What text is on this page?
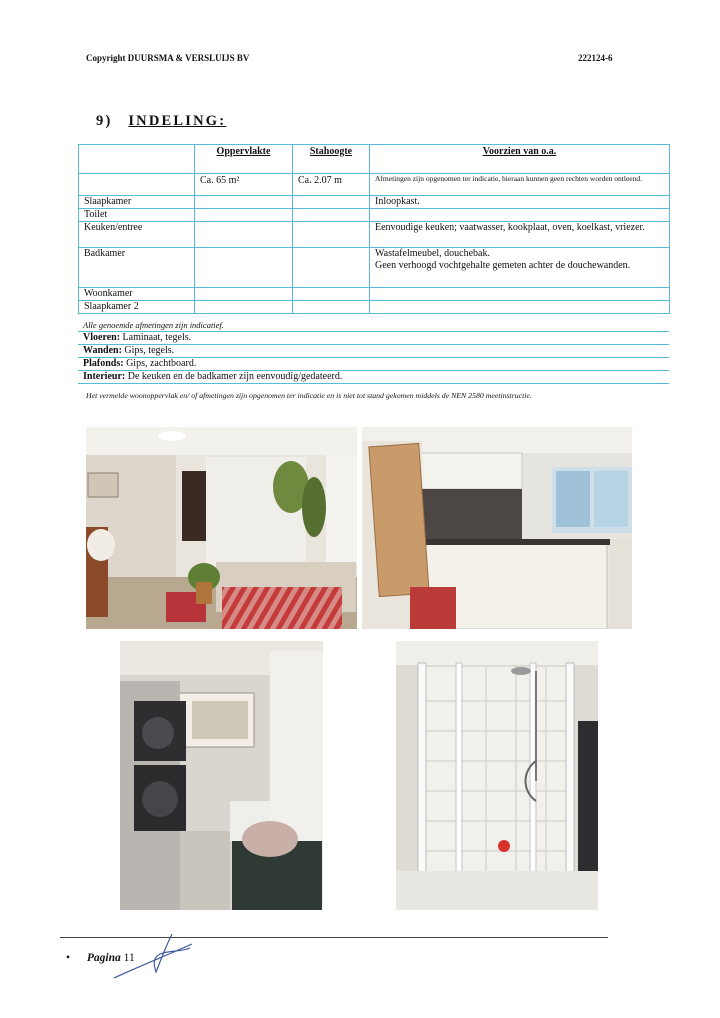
Copyright DUURSMA & VERSLUIJS BV	222124-6
9) INDELING:
	Oppervlakte	Stahoogte	Voorzien van o.a.
	Ca. 65 m²	Ca. 2.07 m	Afmetingen zijn opgenomen ter indicatie, hieraan kunnen geen rechten worden ontleend.
Slaapkamer			Inloopkast.
Toilet			
Keuken/entree			Eenvoudige keuken; vaatwasser, kookplaat, oven, koelkast, vriezer.
Badkamer			Wastafelmeubel, douchebak.
Geen verhoogd vochtgehalte gemeten achter de douchewanden.

Woonkamer			
Slaapkamer 2			
Alle genoemde afmetingen zijn indicatief.
Vloeren: Laminaat, tegels.
Wanden: Gips, tegels.
Plafonds: Gips, zachtboard.
Interieur: De keuken en de badkamer zijn eenvoudig/gedateerd.
Het vermelde woonoppervlak en/ of afmetingen zijn opgenomen ter indicatie en is niet tot stand gekomen middels de NEN 2580 meetinstructie.
• Pagina 11
